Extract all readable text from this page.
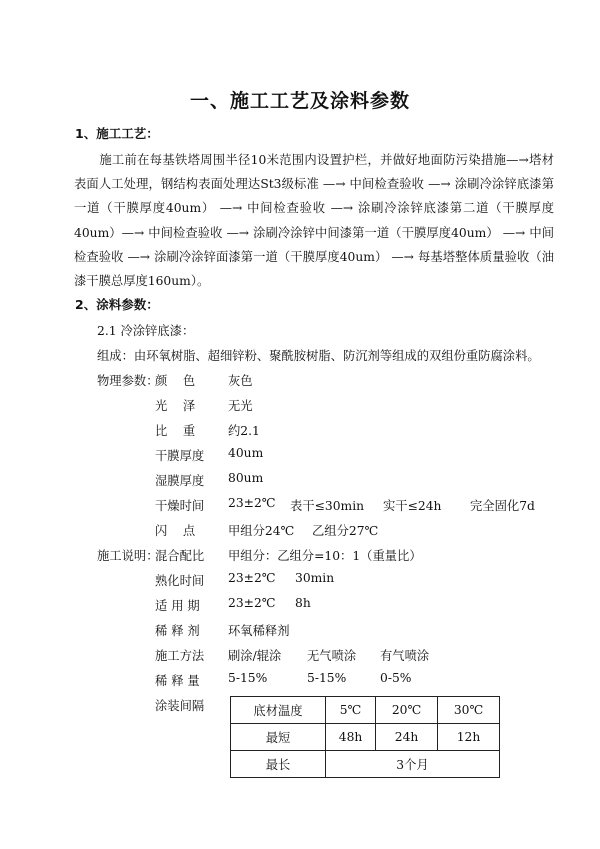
一、施工工艺及涂料参数
1、施工工艺：
施工前在每基铁塔周围半径10米范围内设置护栏，并做好地面防污染措施—→塔材表面人工处理，钢结构表面处理达St3级标准 —→ 中间检查验收 —→ 涂刷冷涂锌底漆第一道（干膜厚度40um） —→ 中间检查验收 —→ 涂刷冷涂锌底漆第二道（干膜厚度40um）—→ 中间检查验收 —→ 涂刷冷涂锌中间漆第一道（干膜厚度40um） —→ 中间检查验收 —→ 涂刷冷涂锌面漆第一道（干膜厚度40um） —→ 每基塔整体质量验收（油漆干膜总厚度160um）。
2、涂料参数：
2.1 冷涂锌底漆：
组成：由环氧树脂、超细锌粉、聚酰胺树脂、防沉剂等组成的双组份重防腐涂料。
物理参数：
颜    色	灰色
光    泽	无光
比    重	约2.1
干膜厚度 40um
湿膜厚度 80um
干燥时间 23±2℃ 表干≤30min 实干≤24h 完全固化7d
闪    点	甲组分24℃ 乙组分27℃
施工说明：
混合配比 甲组分：乙组分=10：1（重量比）
熟化时间 23±2℃ 30min
适 用 期 23±2℃ 8h
稀 释 剂 环氧稀释剂
施工方法 刷涂/辊涂 无气喷涂 有气喷涂
稀 释 量 5-15%	5-15%	0-5%
涂装间隔	底材温度	5℃	20℃	30℃
最短	48h	24h	12h
最长	3个月		
